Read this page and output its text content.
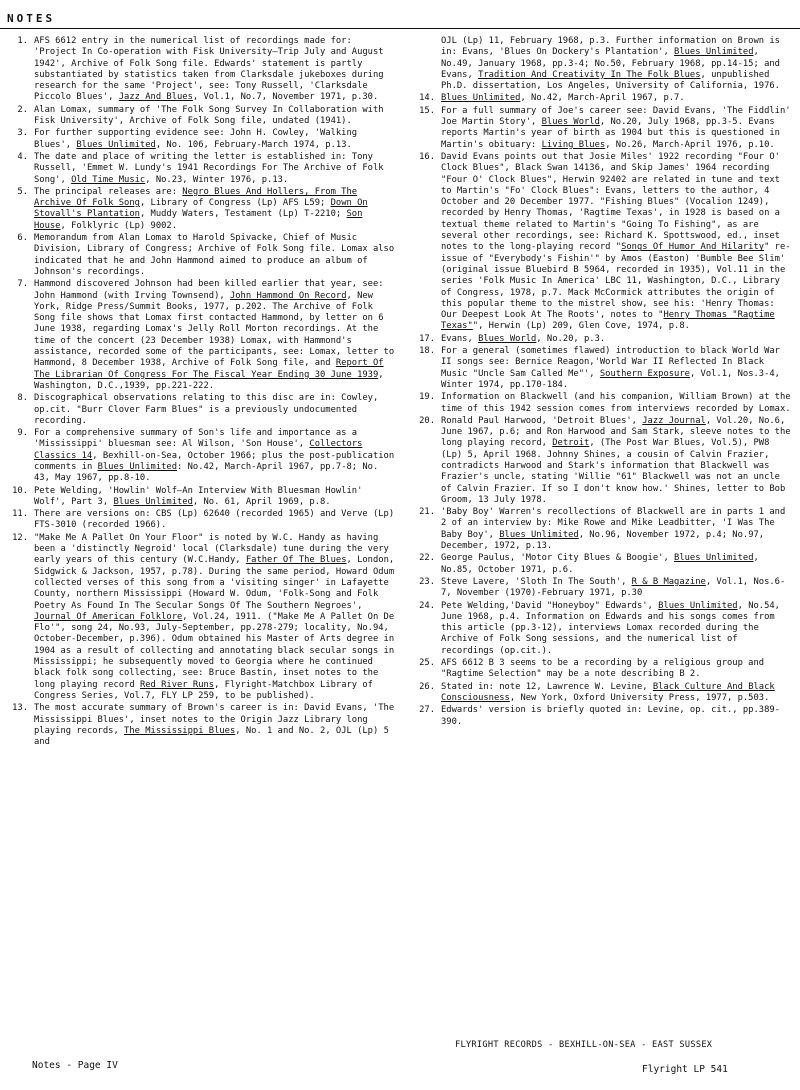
NOTES
1. AFS 6612 entry in the numerical list of recordings made for: 'Project In Co-operation with Fisk University—Trip July and August 1942', Archive of Folk Song file. Edwards' statement is partly substantiated by statistics taken from Clarksdale jukeboxes during research for the same 'Project', see: Tony Russell, 'Clarksdale Piccolo Blues', Jazz And Blues, Vol.1, No.7, November 1971, p.30.
2. Alan Lomax, summary of 'The Folk Song Survey In Collaboration with Fisk University', Archive of Folk Song file, undated (1941).
3. For further supporting evidence see: John H. Cowley, 'Walking Blues', Blues Unlimited, No. 106, February-March 1974, p.13.
4. The date and place of writing the letter is established in: Tony Russell, 'Emmet W. Lundy's 1941 Recordings For The Archive of Folk Song', Old Time Music, No.23, Winter 1976, p.13.
5. The principal releases are: Negro Blues And Hollers, From The Archive Of Folk Song, Library of Congress (Lp) AFS L59; Down On Stovall's Plantation, Muddy Waters, Testament (Lp) T-2210; Son House, Folklyric (Lp) 9002.
6. Memorandum from Alan Lomax to Harold Spivacke, Chief of Music Division, Library of Congress; Archive of Folk Song file. Lomax also indicated that he and John Hammond aimed to produce an album of Johnson's recordings.
7. Hammond discovered Johnson had been killed earlier that year, see: John Hammond (with Irving Townsend), John Hammond On Record, New York, Ridge Press/Summit Books, 1977, p.202. The Archive of Folk Song file shows that Lomax first contacted Hammond, by letter on 6 June 1938, regarding Lomax's Jelly Roll Morton recordings. At the time of the concert (23 December 1938) Lomax, with Hammond's assistance, recorded some of the participants, see: Lomax, letter to Hammond, 8 December 1938, Archive of Folk Song file, and Report Of The Librarian Of Congress For The Fiscal Year Ending 30 June 1939, Washington, D.C.,1939, pp.221-222.
8. Discographical observations relating to this disc are in: Cowley, op.cit. "Burr Clover Farm Blues" is a previously undocumented recording.
9. For a comprehensive summary of Son's life and importance as a 'Mississippi' bluesman see: Al Wilson, 'Son House', Collectors Classics 14, Bexhill-on-Sea, October 1966; plus the post-publication comments in Blues Unlimited: No.42, March-April 1967, pp.7-8; No. 43, May 1967, pp.8-10.
10. Pete Welding, 'Howlin' Wolf—An Interview With Bluesman Howlin' Wolf', Part 3, Blues Unlimited, No. 61, April 1969, p.8.
11. There are versions on: CBS (Lp) 62640 (recorded 1965) and Verve (Lp) FTS-3010 (recorded 1966).
12. "Make Me A Pallet On Your Floor" is noted by W.C. Handy as having been a 'distinctly Negroid' local (Clarksdale) tune during the very early years of this century (W.C.Handy, Father Of The Blues, London, Sidgwick & Jackson, 1957, p.78). During the same period, Howard Odum collected verses of this song from a 'visiting singer' in Lafayette County, northern Mississippi (Howard W. Odum, 'Folk-Song and Folk Poetry As Found In The Secular Songs Of The Southern Negroes', Journal Of American Folklore, Vol.24, 1911. ("Make Me A Pallet On De Flo'", song 24, No.93, July-September, pp.278-279; locality, No.94, October-December, p.396). Odum obtained his Master of Arts degree in 1904 as a result of collecting and annotating black secular songs in Mississippi; he subsequently moved to Georgia where he continued black folk song collecting, see: Bruce Bastin, inset notes to the long playing record Red River Runs, Flyright-Matchbox Library of Congress Series, Vol.7, FLY LP 259, to be published).
13. The most accurate summary of Brown's career is in: David Evans, 'The Mississippi Blues', inset notes to the Origin Jazz Library long playing records, The Mississippi Blues, No. 1 and No. 2, OJL (Lp) 5 and
OJL (Lp) 11, February 1968, p.3. Further information on Brown is in: Evans, 'Blues On Dockery's Plantation', Blues Unlimited, No.49, January 1968, pp.3-4; No.50, February 1968, pp.14-15; and Evans, Tradition And Creativity In The Folk Blues, unpublished Ph.D. dissertation, Los Angeles, University of California, 1976.
14. Blues Unlimited, No.42, March-April 1967, p.7.
15. For a full summary of Joe's career see: David Evans, 'The Fiddlin' Joe Martin Story', Blues World, No.20, July 1968, pp.3-5. Evans reports Martin's year of birth as 1904 but this is questioned in Martin's obituary: Living Blues, No.26, March-April 1976, p.10.
16. David Evans points out that Josie Miles' 1922 recording "Four O' Clock Blues", Black Swan 14136, and Skip James' 1964 recording "Four O' Clock Blues", Herwin 92402 are related in tune and text to Martin's "Fo' Clock Blues": Evans, letters to the author, 4 October and 20 December 1977. "Fishing Blues" (Vocalion 1249), recorded by Henry Thomas, 'Ragtime Texas', in 1928 is based on a textual theme related to Martin's "Going To Fishing", as are several other recordings, see: Richard K. Spottswood, ed., inset notes to the long-playing record "Songs Of Humor And Hilarity" re-issue of "Everybody's Fishin'" by Amos (Easton) 'Bumble Bee Slim' (original issue Bluebird B 5964, recorded in 1935), Vol.11 in the series 'Folk Music In America' LBC 11, Washington, D.C., Library of Congress, 1978, p.7. Mack McCormick attributes the origin of this popular theme to the mistrel show, see his: 'Henry Thomas: Our Deepest Look At The Roots', notes to "Henry Thomas "Ragtime Texas"", Herwin (Lp) 209, Glen Cove, 1974, p.8.
17. Evans, Blues World, No.20, p.3.
18. For a general (sometimes flawed) introduction to black World War II songs see: Bernice Reagon,'World War II Reflected In Black Music "Uncle Sam Called Me"', Southern Exposure, Vol.1, Nos.3-4, Winter 1974, pp.170-184.
19. Information on Blackwell (and his companion, William Brown) at the time of this 1942 session comes from interviews recorded by Lomax.
20. Ronald Paul Harwood, 'Detroit Blues', Jazz Journal, Vol.20, No.6, June 1967, p.6; and Ron Harwood and Sam Stark, sleeve notes to the long playing record, Detroit, (The Post War Blues, Vol.5), PW8 (Lp) 5, April 1968. Johnny Shines, a cousin of Calvin Frazier, contradicts Harwood and Stark's information that Blackwell was Frazier's uncle, stating 'Willie "61" Blackwell was not an uncle of Calvin Frazier. If so I don't know how.' Shines, letter to Bob Groom, 13 July 1978.
21. 'Baby Boy' Warren's recollections of Blackwell are in parts 1 and 2 of an interview by: Mike Rowe and Mike Leadbitter, 'I Was The Baby Boy', Blues Unlimited, No.96, November 1972, p.4; No.97, December, 1972, p.13.
22. George Paulus, 'Motor City Blues & Boogie', Blues Unlimited, No.85, October 1971, p.6.
23. Steve Lavere, 'Sloth In The South', R & B Magazine, Vol.1, Nos.6-7, November (1970)-February 1971, p.30
24. Pete Welding,'David "Honeyboy" Edwards', Blues Unlimited, No.54, June 1968, p.4. Information on Edwards and his songs comes from this article (pp.3-12), interviews Lomax recorded during the Archive of Folk Song sessions, and the numerical list of recordings (op.cit.).
25. AFS 6612 B 3 seems to be a recording by a religious group and "Ragtime Selection" may be a note describing B 2.
26. Stated in: note 12, Lawrence W. Levine, Black Culture And Black Consciousness, New York, Oxford University Press, 1977, p.503.
27. Edwards' version is briefly quoted in: Levine, op. cit., pp.389-390.
FLYRIGHT RECORDS - BEXHILL-ON-SEA - EAST SUSSEX
Notes - Page IV	Flyright LP 541
